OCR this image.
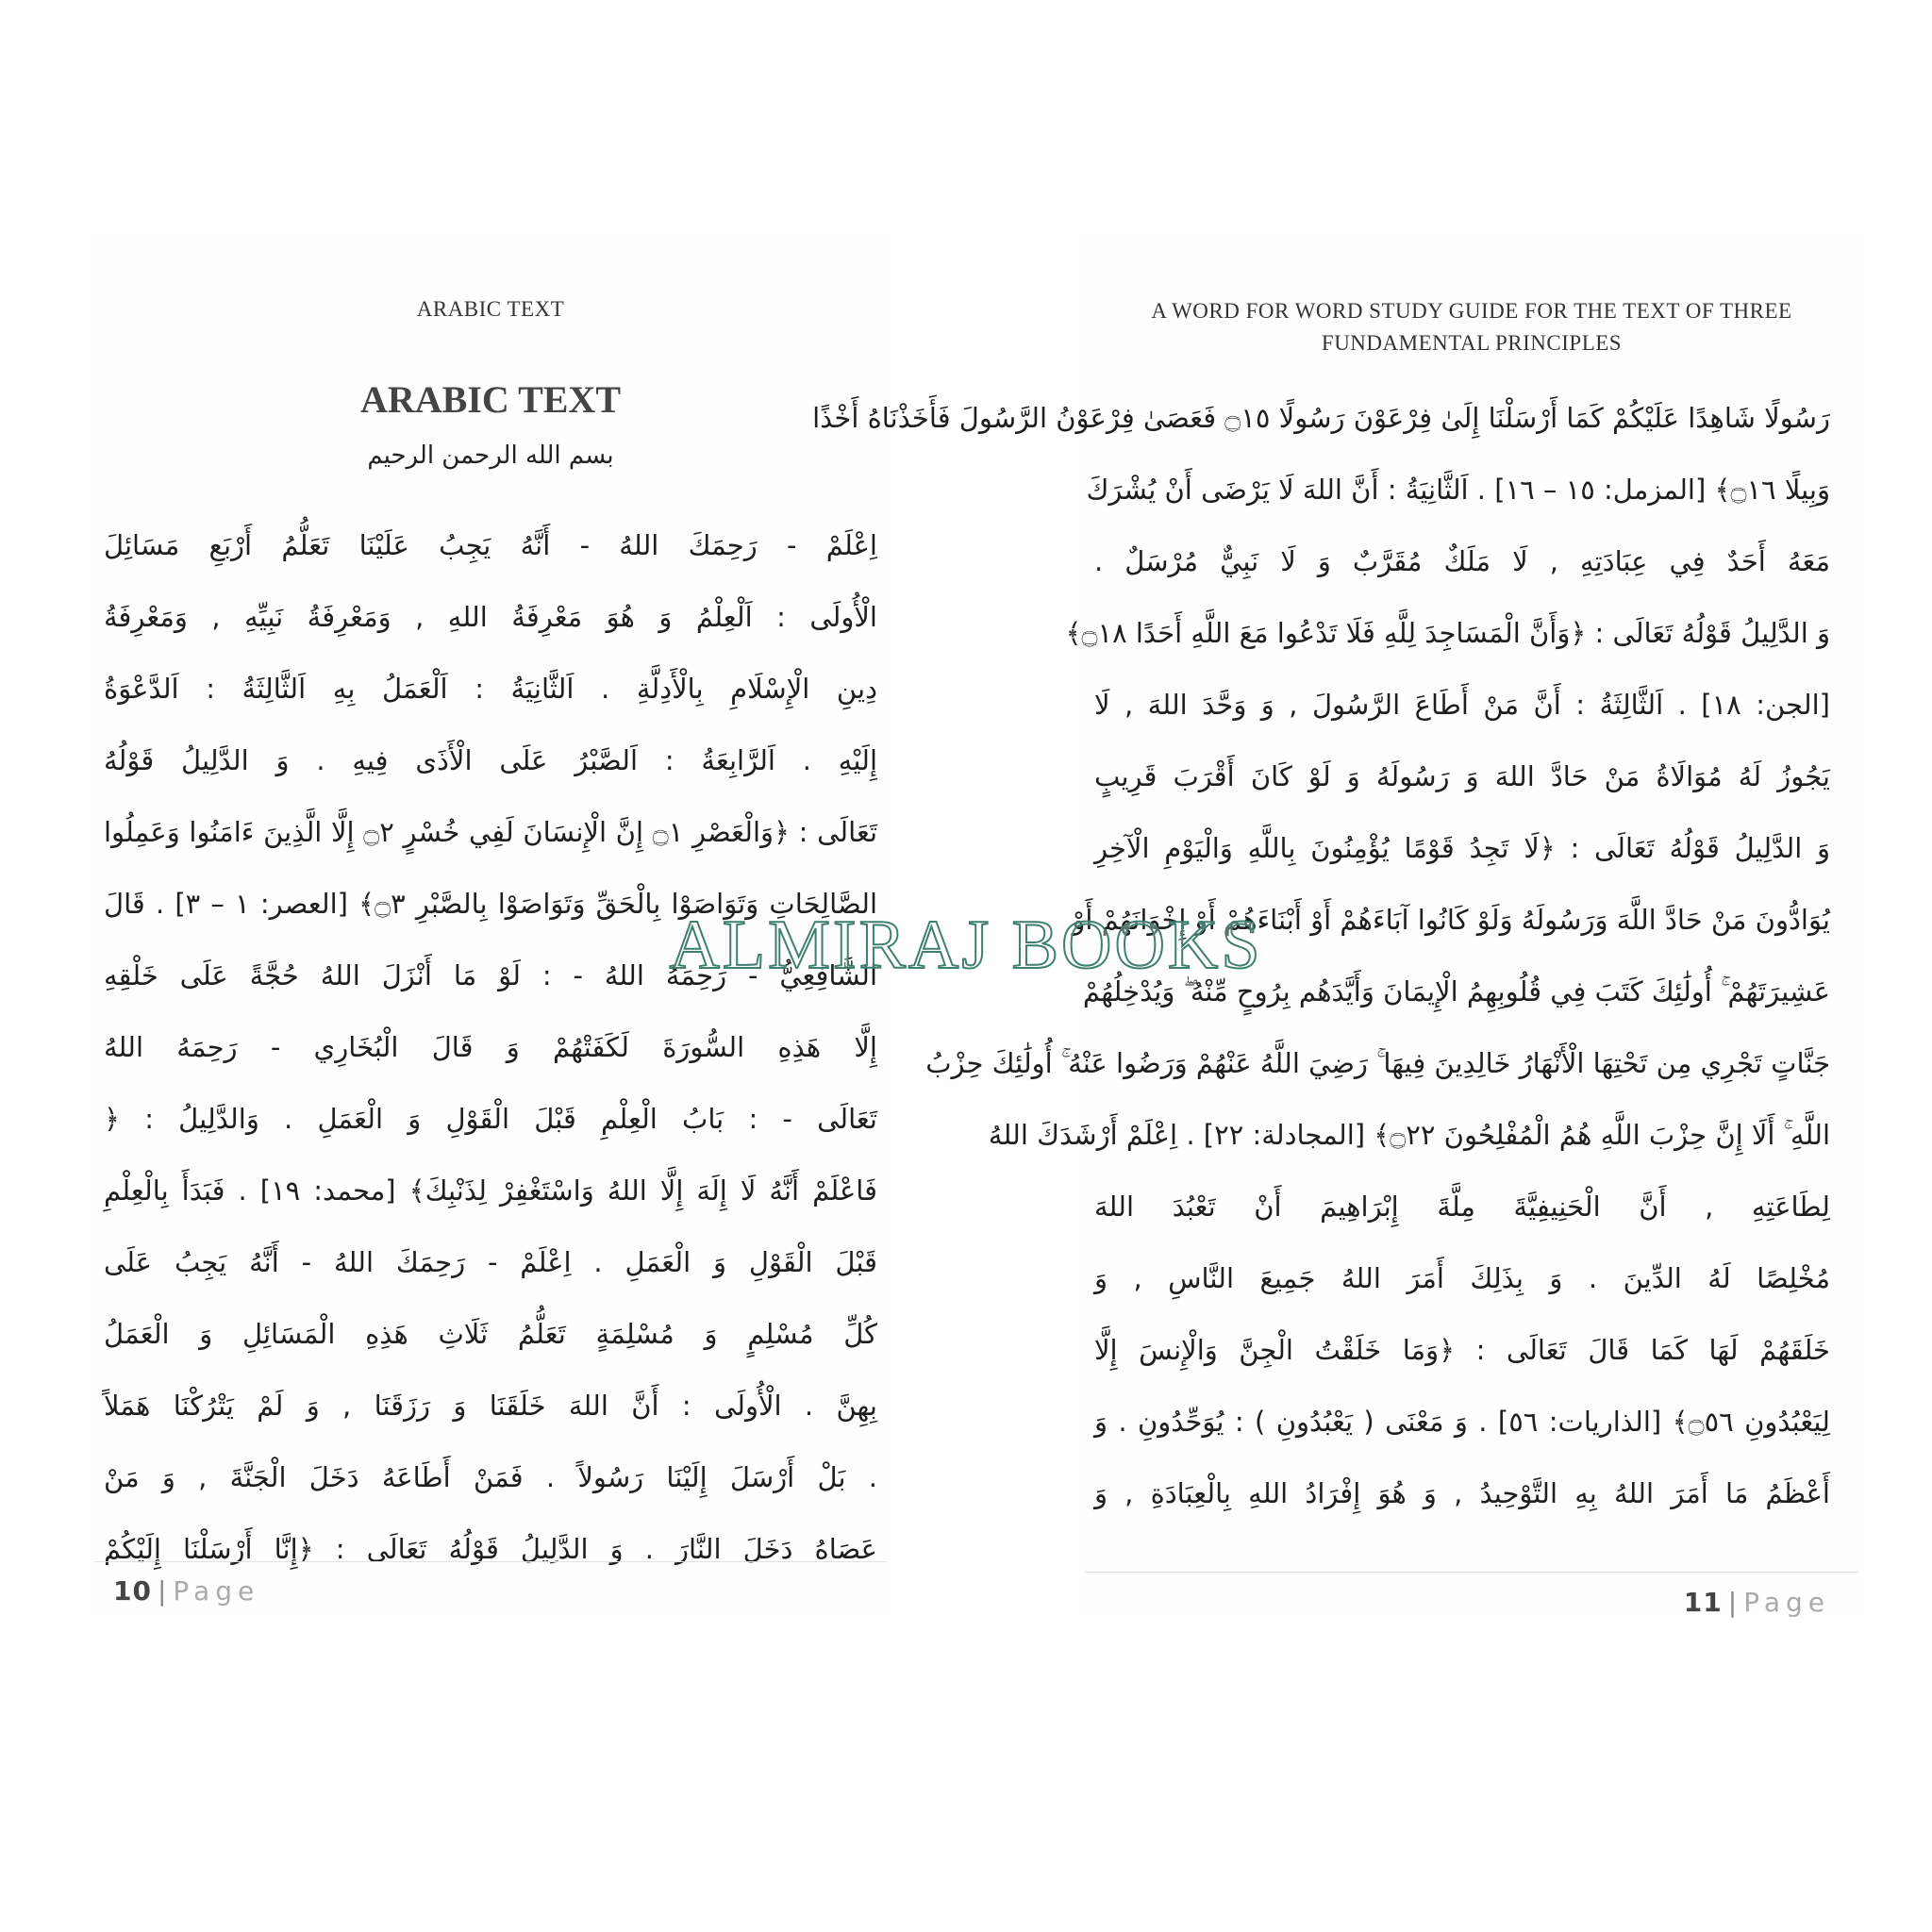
ARABIC TEXT
ARABIC TEXT
بسم الله الرحمن الرحيم
اِعْلَمْ - رَحِمَكَ اللهُ - أَنَّهُ يَجِبُ عَلَيْنَا تَعَلُّمُ أَرْبَعِ مَسَائِلَ
الْأُولَى : اَلْعِلْمُ وَ هُوَ مَعْرِفَةُ اللهِ , وَمَعْرِفَةُ نَبِيِّهِ , وَمَعْرِفَةُ
دِينِ الْإِسْلَامِ بِالْأَدِلَّةِ . اَلثَّانِيَةُ : اَلْعَمَلُ بِهِ اَلثَّالِثَةُ : اَلدَّعْوَةُ
إِلَيْهِ . اَلرَّابِعَةُ : اَلصَّبْرُ عَلَى الْأَذَى فِيهِ . وَ الدَّلِيلُ قَوْلُهُ
تَعَالَى : ﴿وَالْعَصْرِ ۝١ إِنَّ الْإِنسَانَ لَفِي خُسْرٍ ۝٢ إِلَّا الَّذِينَ ءَامَنُوا وَعَمِلُوا
الصَّالِحَاتِ وَتَوَاصَوْا بِالْحَقِّ وَتَوَاصَوْا بِالصَّبْرِ ۝٣﴾ [العصر: ١ – ٣] . قَالَ
الشَّافِعِيُّ - رَحِمَهُ اللهُ - : لَوْ مَا أَنْزَلَ اللهُ حُجَّةً عَلَى خَلْقِهِ
إِلَّا هَذِهِ السُّورَةَ لَكَفَتْهُمْ وَ قَالَ الْبُخَارِي - رَحِمَهُ اللهُ
تَعَالَى - : بَابُ الْعِلْمِ قَبْلَ الْقَوْلِ وَ الْعَمَلِ . وَالدَّلِيلُ : ﴿
فَاعْلَمْ أَنَّهُ لَا إِلَهَ إِلَّا اللهُ وَاسْتَغْفِرْ لِذَنْبِكَ﴾ [محمد: ١٩] . فَبَدَأَ بِالْعِلْمِ
قَبْلَ الْقَوْلِ وَ الْعَمَلِ . اِعْلَمْ - رَحِمَكَ اللهُ - أَنَّهُ يَجِبُ عَلَى
كُلِّ مُسْلِمٍ وَ مُسْلِمَةٍ تَعَلُّمُ ثَلَاثِ هَذِهِ الْمَسَائِلِ وَ الْعَمَلُ
بِهِنَّ . الْأُولَى : أَنَّ اللهَ خَلَقَنَا وَ رَزَقَنَا , وَ لَمْ يَتْرُكْنَا هَمَلاً
. بَلْ أَرْسَلَ إِلَيْنَا رَسُولاً . فَمَنْ أَطَاعَهُ دَخَلَ الْجَنَّةَ , وَ مَنْ
عَصَاهُ دَخَلَ النَّارَ . وَ الدَّلِيلُ قَوْلُهُ تَعَالَى : ﴿إِنَّا أَرْسَلْنَا إِلَيْكُمْ
10 | Page
A WORD FOR WORD STUDY GUIDE FOR THE TEXT OF THREE
FUNDAMENTAL PRINCIPLES
رَسُولًا شَاهِدًا عَلَيْكُمْ كَمَا أَرْسَلْنَا إِلَىٰ فِرْعَوْنَ رَسُولًا ۝١٥ فَعَصَىٰ فِرْعَوْنُ الرَّسُولَ فَأَخَذْنَاهُ أَخْذًا
وَبِيلًا ۝١٦﴾ [المزمل: ١٥ – ١٦] . اَلثَّانِيَةُ : أَنَّ اللهَ لَا يَرْضَى أَنْ يُشْرَكَ
مَعَهُ أَحَدٌ فِي عِبَادَتِهِ , لَا مَلَكٌ مُقَرَّبٌ وَ لَا نَبِيٌّ مُرْسَلٌ .
وَ الدَّلِيلُ قَوْلُهُ تَعَالَى : ﴿وَأَنَّ الْمَسَاجِدَ لِلَّهِ فَلَا تَدْعُوا مَعَ اللَّهِ أَحَدًا ۝١٨﴾
[الجن: ١٨] . اَلثَّالِثَةُ : أَنَّ مَنْ أَطَاعَ الرَّسُولَ , وَ وَحَّدَ اللهَ , لَا
يَجُوزُ لَهُ مُوَالَاةُ مَنْ حَادَّ اللهَ وَ رَسُولَهُ وَ لَوْ كَانَ أَقْرَبَ قَرِيبٍ
وَ الدَّلِيلُ قَوْلُهُ تَعَالَى : ﴿لَا تَجِدُ قَوْمًا يُؤْمِنُونَ بِاللَّهِ وَالْيَوْمِ الْآخِرِ
يُوَادُّونَ مَنْ حَادَّ اللَّهَ وَرَسُولَهُ وَلَوْ كَانُوا آبَاءَهُمْ أَوْ أَبْنَاءَهُمْ أَوْ إِخْوَانَهُمْ أَوْ
عَشِيرَتَهُمْ ۚ أُولَٰئِكَ كَتَبَ فِي قُلُوبِهِمُ الْإِيمَانَ وَأَيَّدَهُم بِرُوحٍ مِّنْهُ ۖ وَيُدْخِلُهُمْ
جَنَّاتٍ تَجْرِي مِن تَحْتِهَا الْأَنْهَارُ خَالِدِينَ فِيهَا ۚ رَضِيَ اللَّهُ عَنْهُمْ وَرَضُوا عَنْهُ ۚ أُولَٰئِكَ حِزْبُ
اللَّهِ ۚ أَلَا إِنَّ حِزْبَ اللَّهِ هُمُ الْمُفْلِحُونَ ۝٢٢﴾ [المجادلة: ٢٢] . اِعْلَمْ أَرْشَدَكَ اللهُ
لِطَاعَتِهِ , أَنَّ الْحَنِيفِيَّةَ مِلَّةَ إِبْرَاهِيمَ أَنْ تَعْبُدَ اللهَ
مُخْلِصًا لَهُ الدِّينَ . وَ بِذَلِكَ أَمَرَ اللهُ جَمِيعَ النَّاسِ , وَ
خَلَقَهُمْ لَهَا كَمَا قَالَ تَعَالَى : ﴿وَمَا خَلَقْتُ الْجِنَّ وَالْإِنسَ إِلَّا
لِيَعْبُدُونِ ۝٥٦﴾ [الذاريات: ٥٦] . وَ مَعْنَى ( يَعْبُدُونِ ) : يُوَحِّدُونِ . وَ
أَعْظَمُ مَا أَمَرَ اللهُ بِهِ التَّوْحِيدُ , وَ هُوَ إِفْرَادُ اللهِ بِالْعِبَادَةِ , وَ
11 | Page
ALMIRAJ BOOKS
